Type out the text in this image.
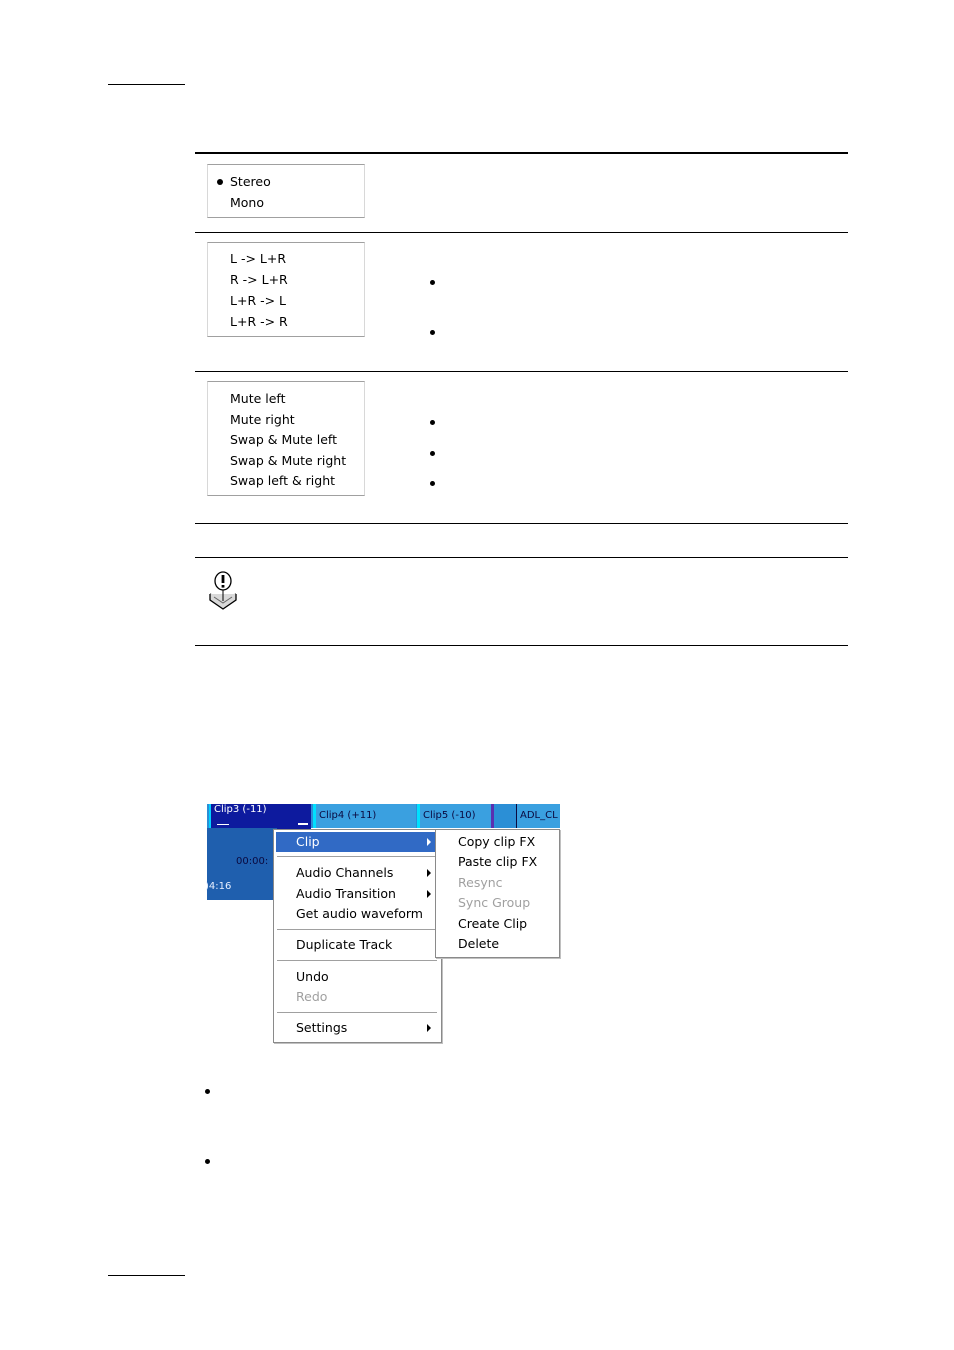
Stereo
Mono
L -> L+R
R -> L+R
L+R -> L
L+R -> R
Mute left
Mute right
Swap & Mute left
Swap & Mute right
Swap left & right
Clip3 (-11)
Clip4 (+11)	Clip5 (-10)	ADL_CL
00:00:
)4:16
Clip
Audio Channels
Audio Transition
Get audio waveform
Duplicate Track
Undo
Redo
Settings
Copy clip FX
Paste clip FX
Resync
Sync Group
Create Clip
Delete
